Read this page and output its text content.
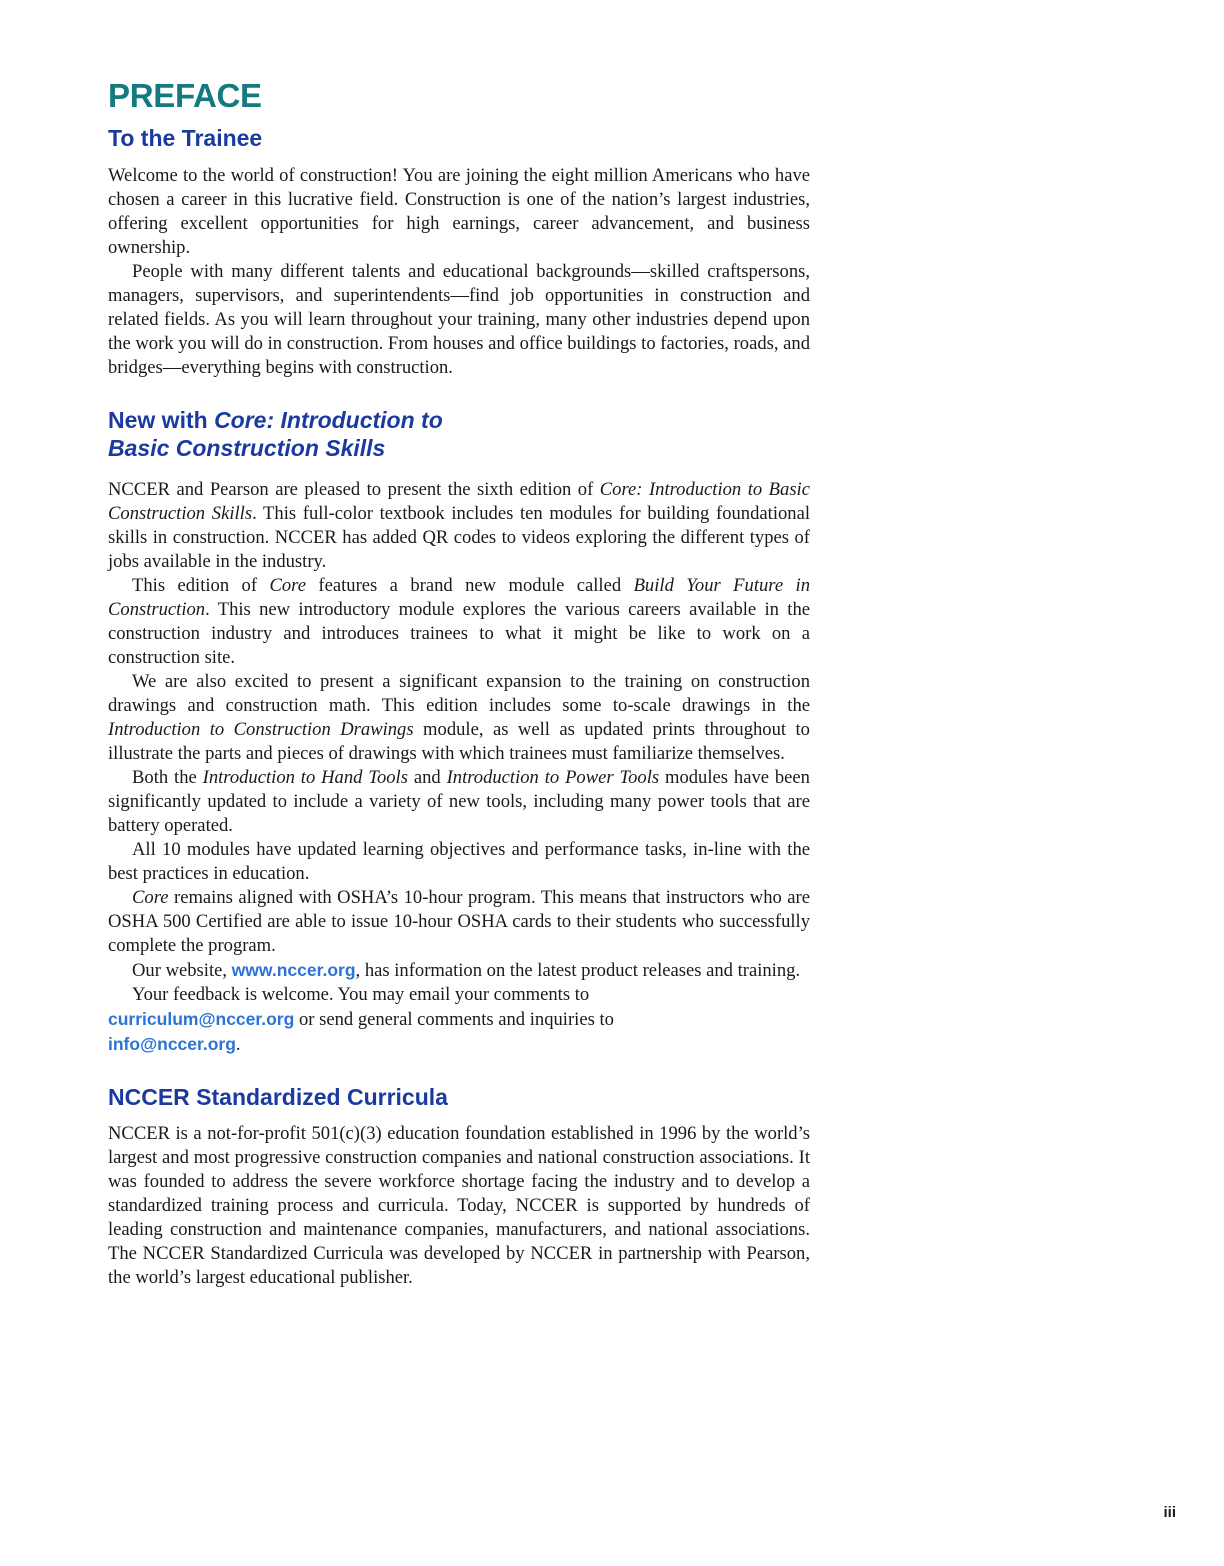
PREFACE
To the Trainee

Welcome to the world of construction! You are joining the eight million Americans who have chosen a career in this lucrative field. Construction is one of the nation’s largest industries, offering excellent opportunities for high earnings, career advancement, and business ownership.

People with many different talents and educational backgrounds—skilled craftspersons, managers, supervisors, and superintendents—find job opportunities in construction and related fields. As you will learn throughout your training, many other industries depend upon the work you will do in construction. From houses and office buildings to factories, roads, and bridges—everything begins with construction.

New with Core: Introduction to
Basic Construction Skills

NCCER and Pearson are pleased to present the sixth edition of Core: Introduction to Basic Construction Skills. This full-color textbook includes ten modules for building foundational skills in construction. NCCER has added QR codes to videos exploring the different types of jobs available in the industry.

This edition of Core features a brand new module called Build Your Future in Construction. This new introductory module explores the various careers available in the construction industry and introduces trainees to what it might be like to work on a construction site.

We are also excited to present a significant expansion to the training on construction drawings and construction math. This edition includes some to-scale drawings in the Introduction to Construction Drawings module, as well as updated prints throughout to illustrate the parts and pieces of drawings with which trainees must familiarize themselves.

Both the Introduction to Hand Tools and Introduction to Power Tools modules have been significantly updated to include a variety of new tools, including many power tools that are battery operated.

All 10 modules have updated learning objectives and performance tasks, in-line with the best practices in education.

Core remains aligned with OSHA’s 10-hour program. This means that instructors who are OSHA 500 Certified are able to issue 10-hour OSHA cards to their students who successfully complete the program.

Our website, www.nccer.org, has information on the latest product releases and training.

Your feedback is welcome. You may email your comments to
curriculum@nccer.org or send general comments and inquiries to
info@nccer.org.

NCCER Standardized Curricula

NCCER is a not-for-profit 501(c)(3) education foundation established in 1996 by the world’s largest and most progressive construction companies and national construction associations. It was founded to address the severe workforce shortage facing the industry and to develop a standardized training process and curricula. Today, NCCER is supported by hundreds of leading construction and maintenance companies, manufacturers, and national associations. The NCCER Standardized Curricula was developed by NCCER in partnership with Pearson, the world’s largest educational publisher.

iii
